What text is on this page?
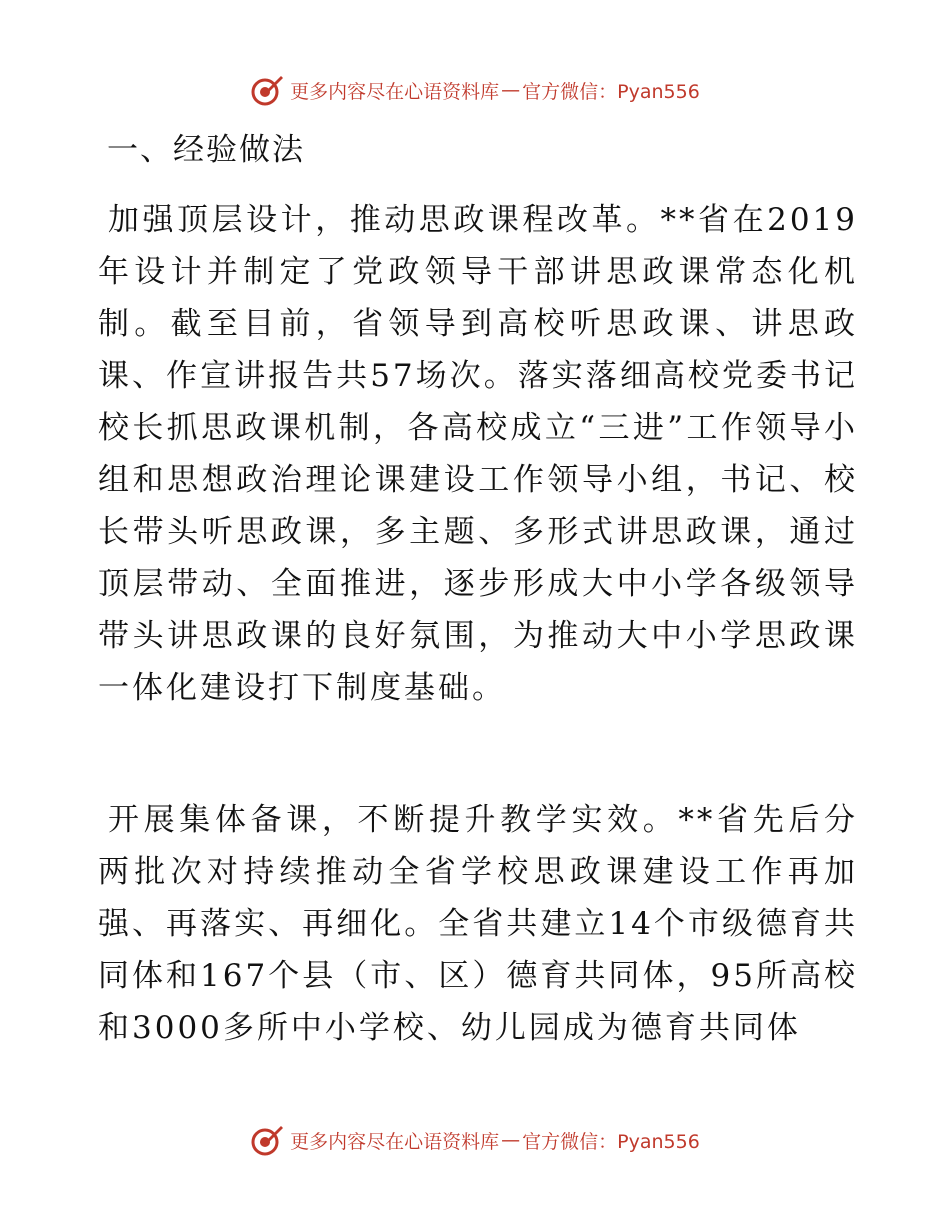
更多内容尽在心语资料库 — 官方微信：Pyan556
一、经验做法

加强顶层设计，推动思政课程改革。**省在2019年设计并制定了党政领导干部讲思政课常态化机制。截至目前，省领导到高校听思政课、讲思政课、作宣讲报告共57场次。落实落细高校党委书记校长抓思政课机制，各高校成立“三进”工作领导小组和思想政治理论课建设工作领导小组，书记、校长带头听思政课，多主题、多形式讲思政课，通过顶层带动、全面推进，逐步形成大中小学各级领导带头讲思政课的良好氛围，为推动大中小学思政课一体化建设打下制度基础。

开展集体备课，不断提升教学实效。**省先后分两批次对持续推动全省学校思政课建设工作再加强、再落实、再细化。全省共建立14个市级德育共同体和167个县（市、区）德育共同体，95所高校和3000多所中小学校、幼儿园成为德育共同体

更多内容尽在心语资料库 — 官方微信：Pyan556
